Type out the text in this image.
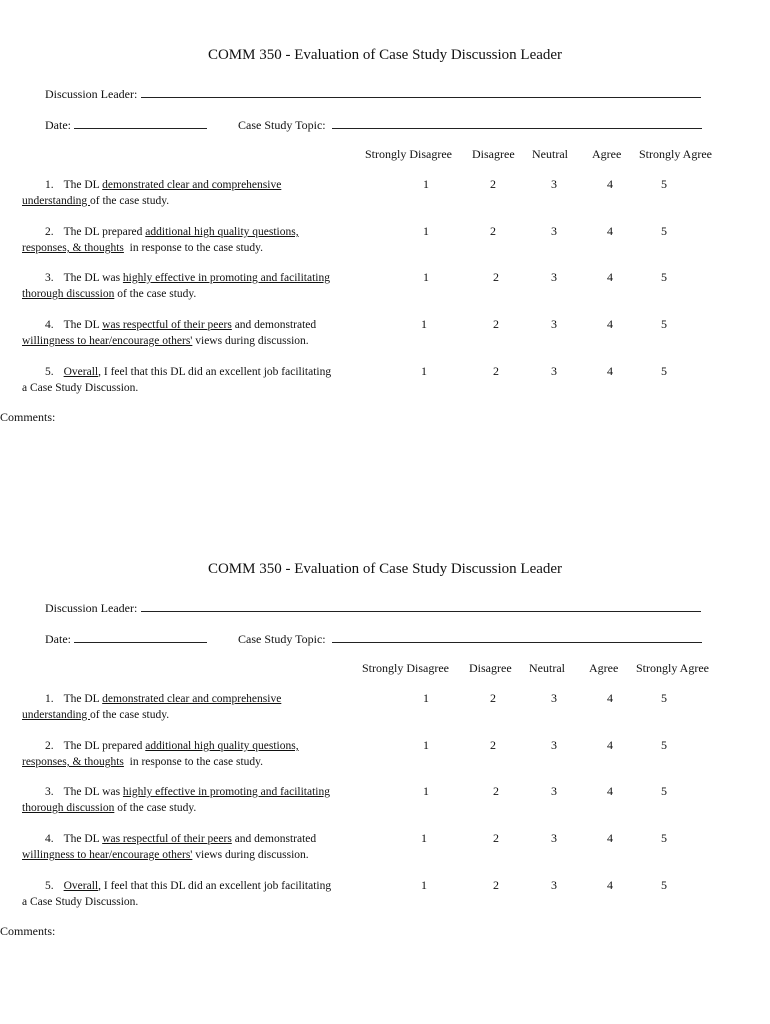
COMM 350 - Evaluation of Case Study Discussion Leader
Discussion Leader:
Date:	Case Study Topic:
Strongly Disagree Disagree Neutral Agree Strongly Agree
1. The DL demonstrated clear and comprehensive
understanding of the case study.
1	2	3	4	5
2. The DL prepared additional high quality questions,
responses, & thoughts  in response to the case study.
1	2	3	4	5
3. The DL was highly effective in promoting and facilitating
thorough discussion of the case study.
1	2	3	4	5
4. The DL was respectful of their peers and demonstrated
willingness to hear/encourage others' views during discussion.
1	2	3	4	5
5. Overall, I feel that this DL did an excellent job facilitating
a Case Study Discussion.
1	2	3	4	5
Comments:
COMM 350 - Evaluation of Case Study Discussion Leader
Discussion Leader:
Date:	Case Study Topic:
Strongly Disagree Disagree Neutral Agree Strongly Agree
1. The DL demonstrated clear and comprehensive
understanding of the case study.
1	2	3	4	5
2. The DL prepared additional high quality questions,
responses, & thoughts  in response to the case study.
1	2	3	4	5
3. The DL was highly effective in promoting and facilitating
thorough discussion of the case study.
1	2	3	4	5
4. The DL was respectful of their peers and demonstrated
willingness to hear/encourage others' views during discussion.
1	2	3	4	5
5. Overall, I feel that this DL did an excellent job facilitating
a Case Study Discussion.
1	2	3	4	5
Comments:
